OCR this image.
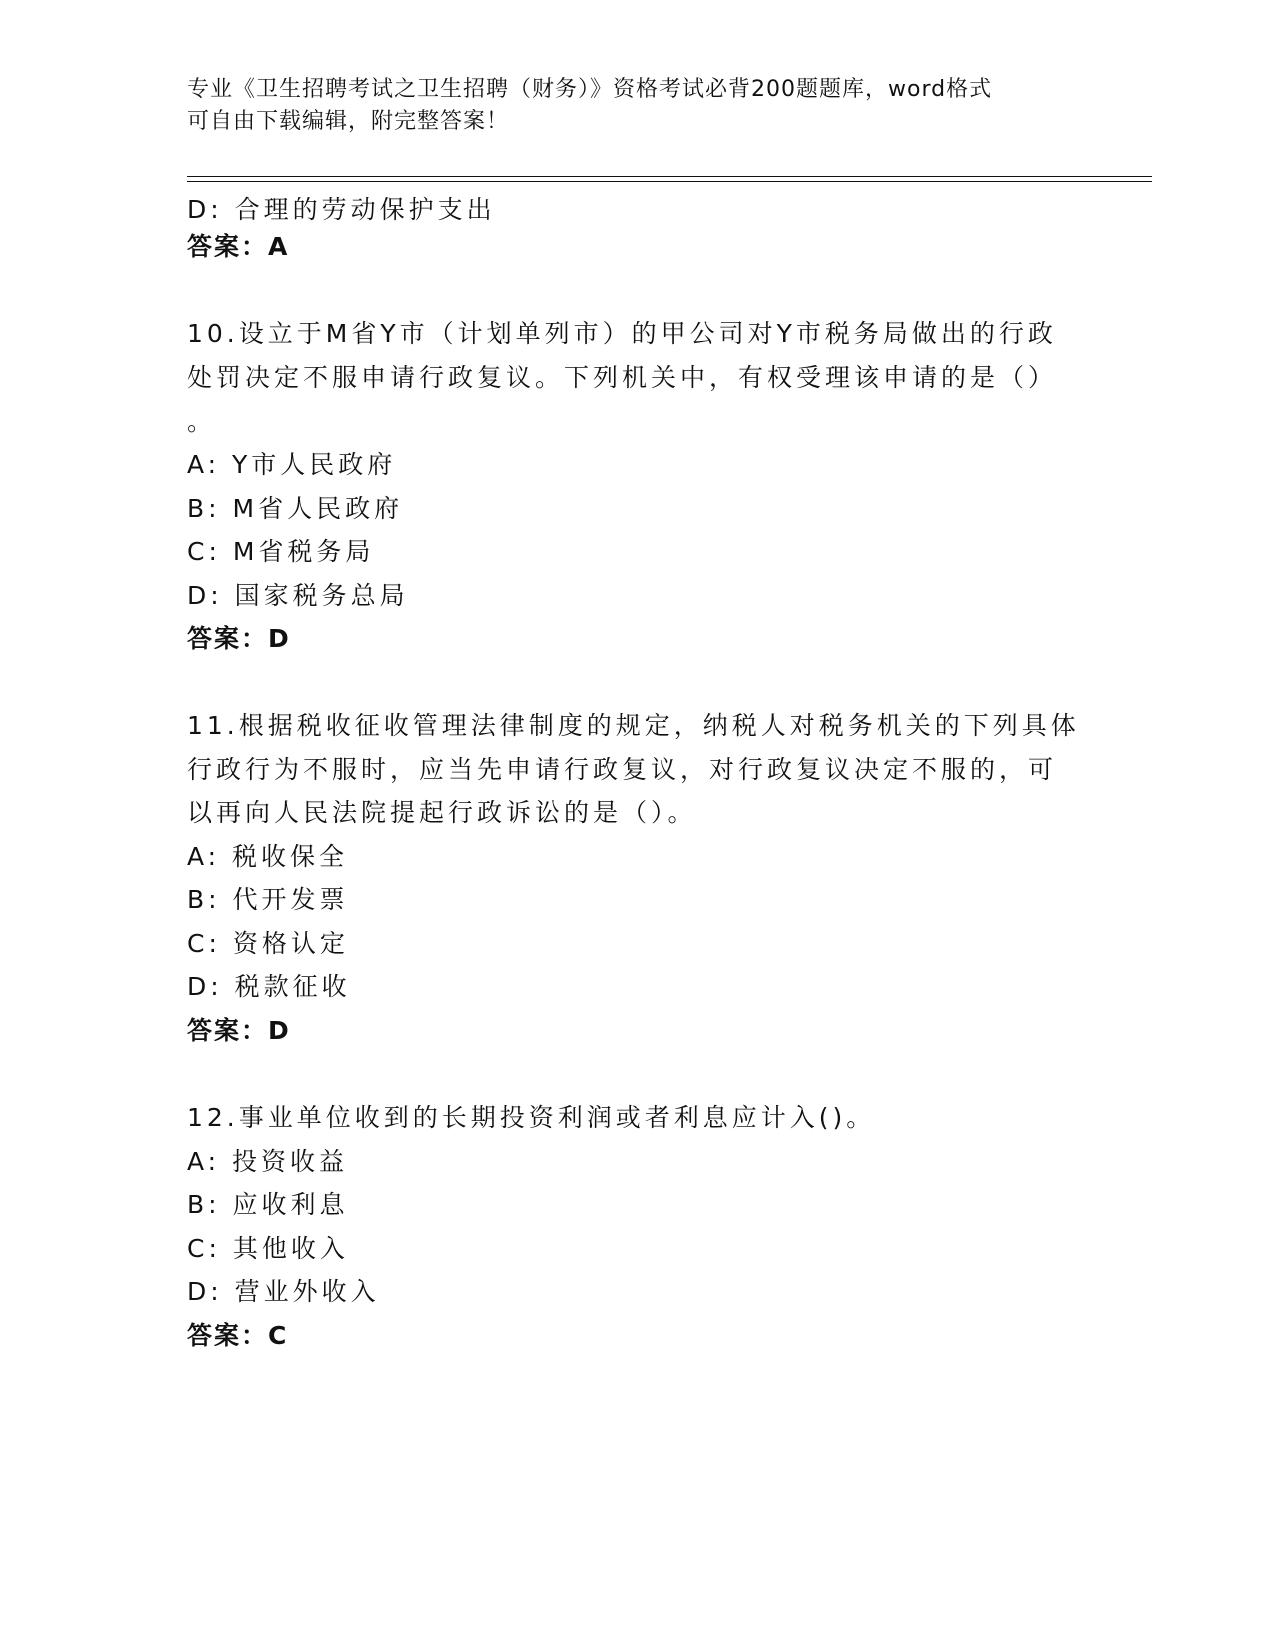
专业《卫生招聘考试之卫生招聘（财务）》资格考试必背200题题库，word格式
可自由下载编辑，附完整答案！
D: 合理的劳动保护支出
答案：A
10.设立于M省Y市（计划单列市）的甲公司对Y市税务局做出的行政
处罚决定不服申请行政复议。下列机关中，有权受理该申请的是（）
。
A: Y市人民政府
B: M省人民政府
C: M省税务局
D: 国家税务总局
答案：D
11.根据税收征收管理法律制度的规定，纳税人对税务机关的下列具体
行政行为不服时，应当先申请行政复议，对行政复议决定不服的，可
以再向人民法院提起行政诉讼的是（）。
A: 税收保全
B: 代开发票
C: 资格认定
D: 税款征收
答案：D
12.事业单位收到的长期投资利润或者利息应计入()。
A: 投资收益
B: 应收利息
C: 其他收入
D: 营业外收入
答案：C
